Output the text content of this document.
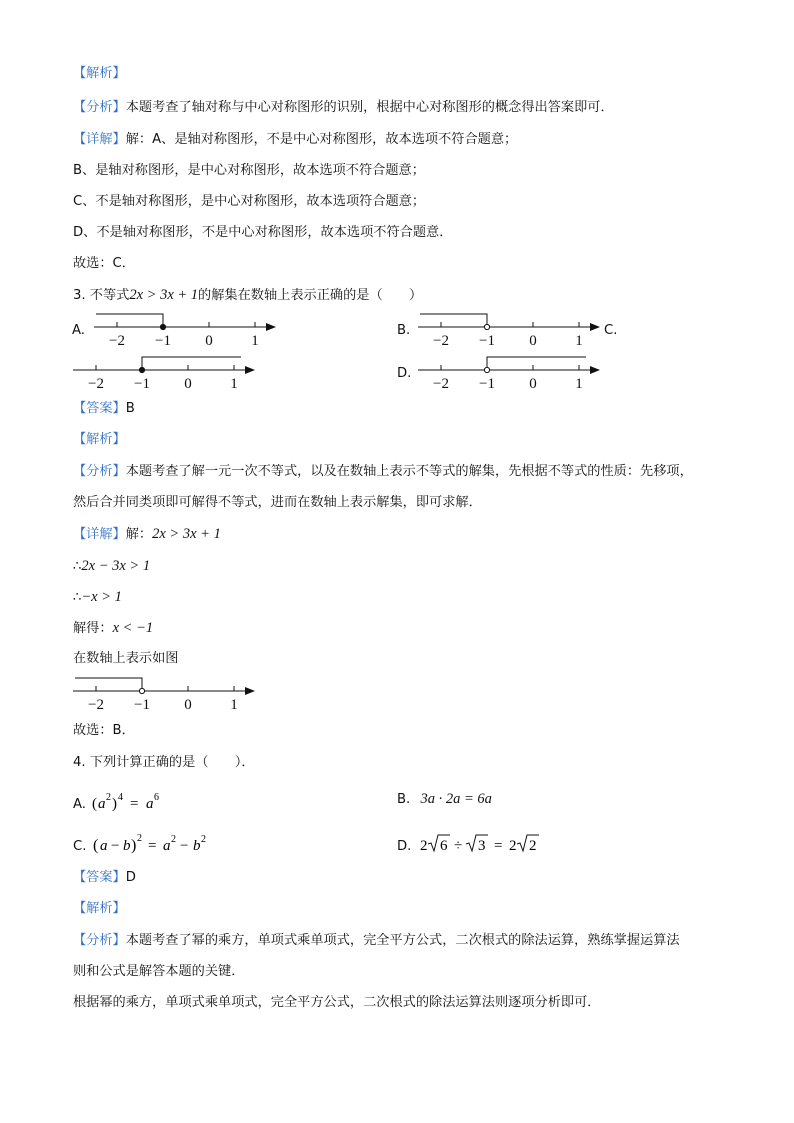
【解析】
【分析】本题考查了轴对称与中心对称图形的识别，根据中心对称图形的概念得出答案即可．
【详解】解：A、是轴对称图形，不是中心对称图形，故本选项不符合题意；
B、是轴对称图形，是中心对称图形，故本选项不符合题意；
C、不是轴对称图形，是中心对称图形，故本选项符合题意；
D、不是轴对称图形，不是中心对称图形，故本选项不符合题意．
故选：C．
3. 不等式2x > 3x + 1的解集在数轴上表示正确的是（　　）
A.
−2 −1 0	1
B.
−2 −1 0	1
C.
−2 −1 0	1
D.
−2 −1 0	1
【答案】B
【解析】
【分析】本题考查了解一元一次不等式，以及在数轴上表示不等式的解集，先根据不等式的性质：先移项，
然后合并同类项即可解得不等式，进而在数轴上表示解集，即可求解．
【详解】解：2x > 3x + 1
∴2x − 3x > 1
∴−x > 1
解得：x < −1
在数轴上表示如图
−2 −1 0	1
故选：B．
4. 下列计算正确的是（　　）．
A. ( a 2 ) 4 = a 6	B. 3a · 2a = 6a
C. ( a − b ) 2 = a 2 − b 2	D. 2 6 ÷ 3 = 2 2
【答案】D
【解析】
【分析】本题考查了幂的乘方，单项式乘单项式，完全平方公式，二次根式的除法运算，熟练掌握运算法
则和公式是解答本题的关键．
根据幂的乘方，单项式乘单项式，完全平方公式，二次根式的除法运算法则逐项分析即可．
